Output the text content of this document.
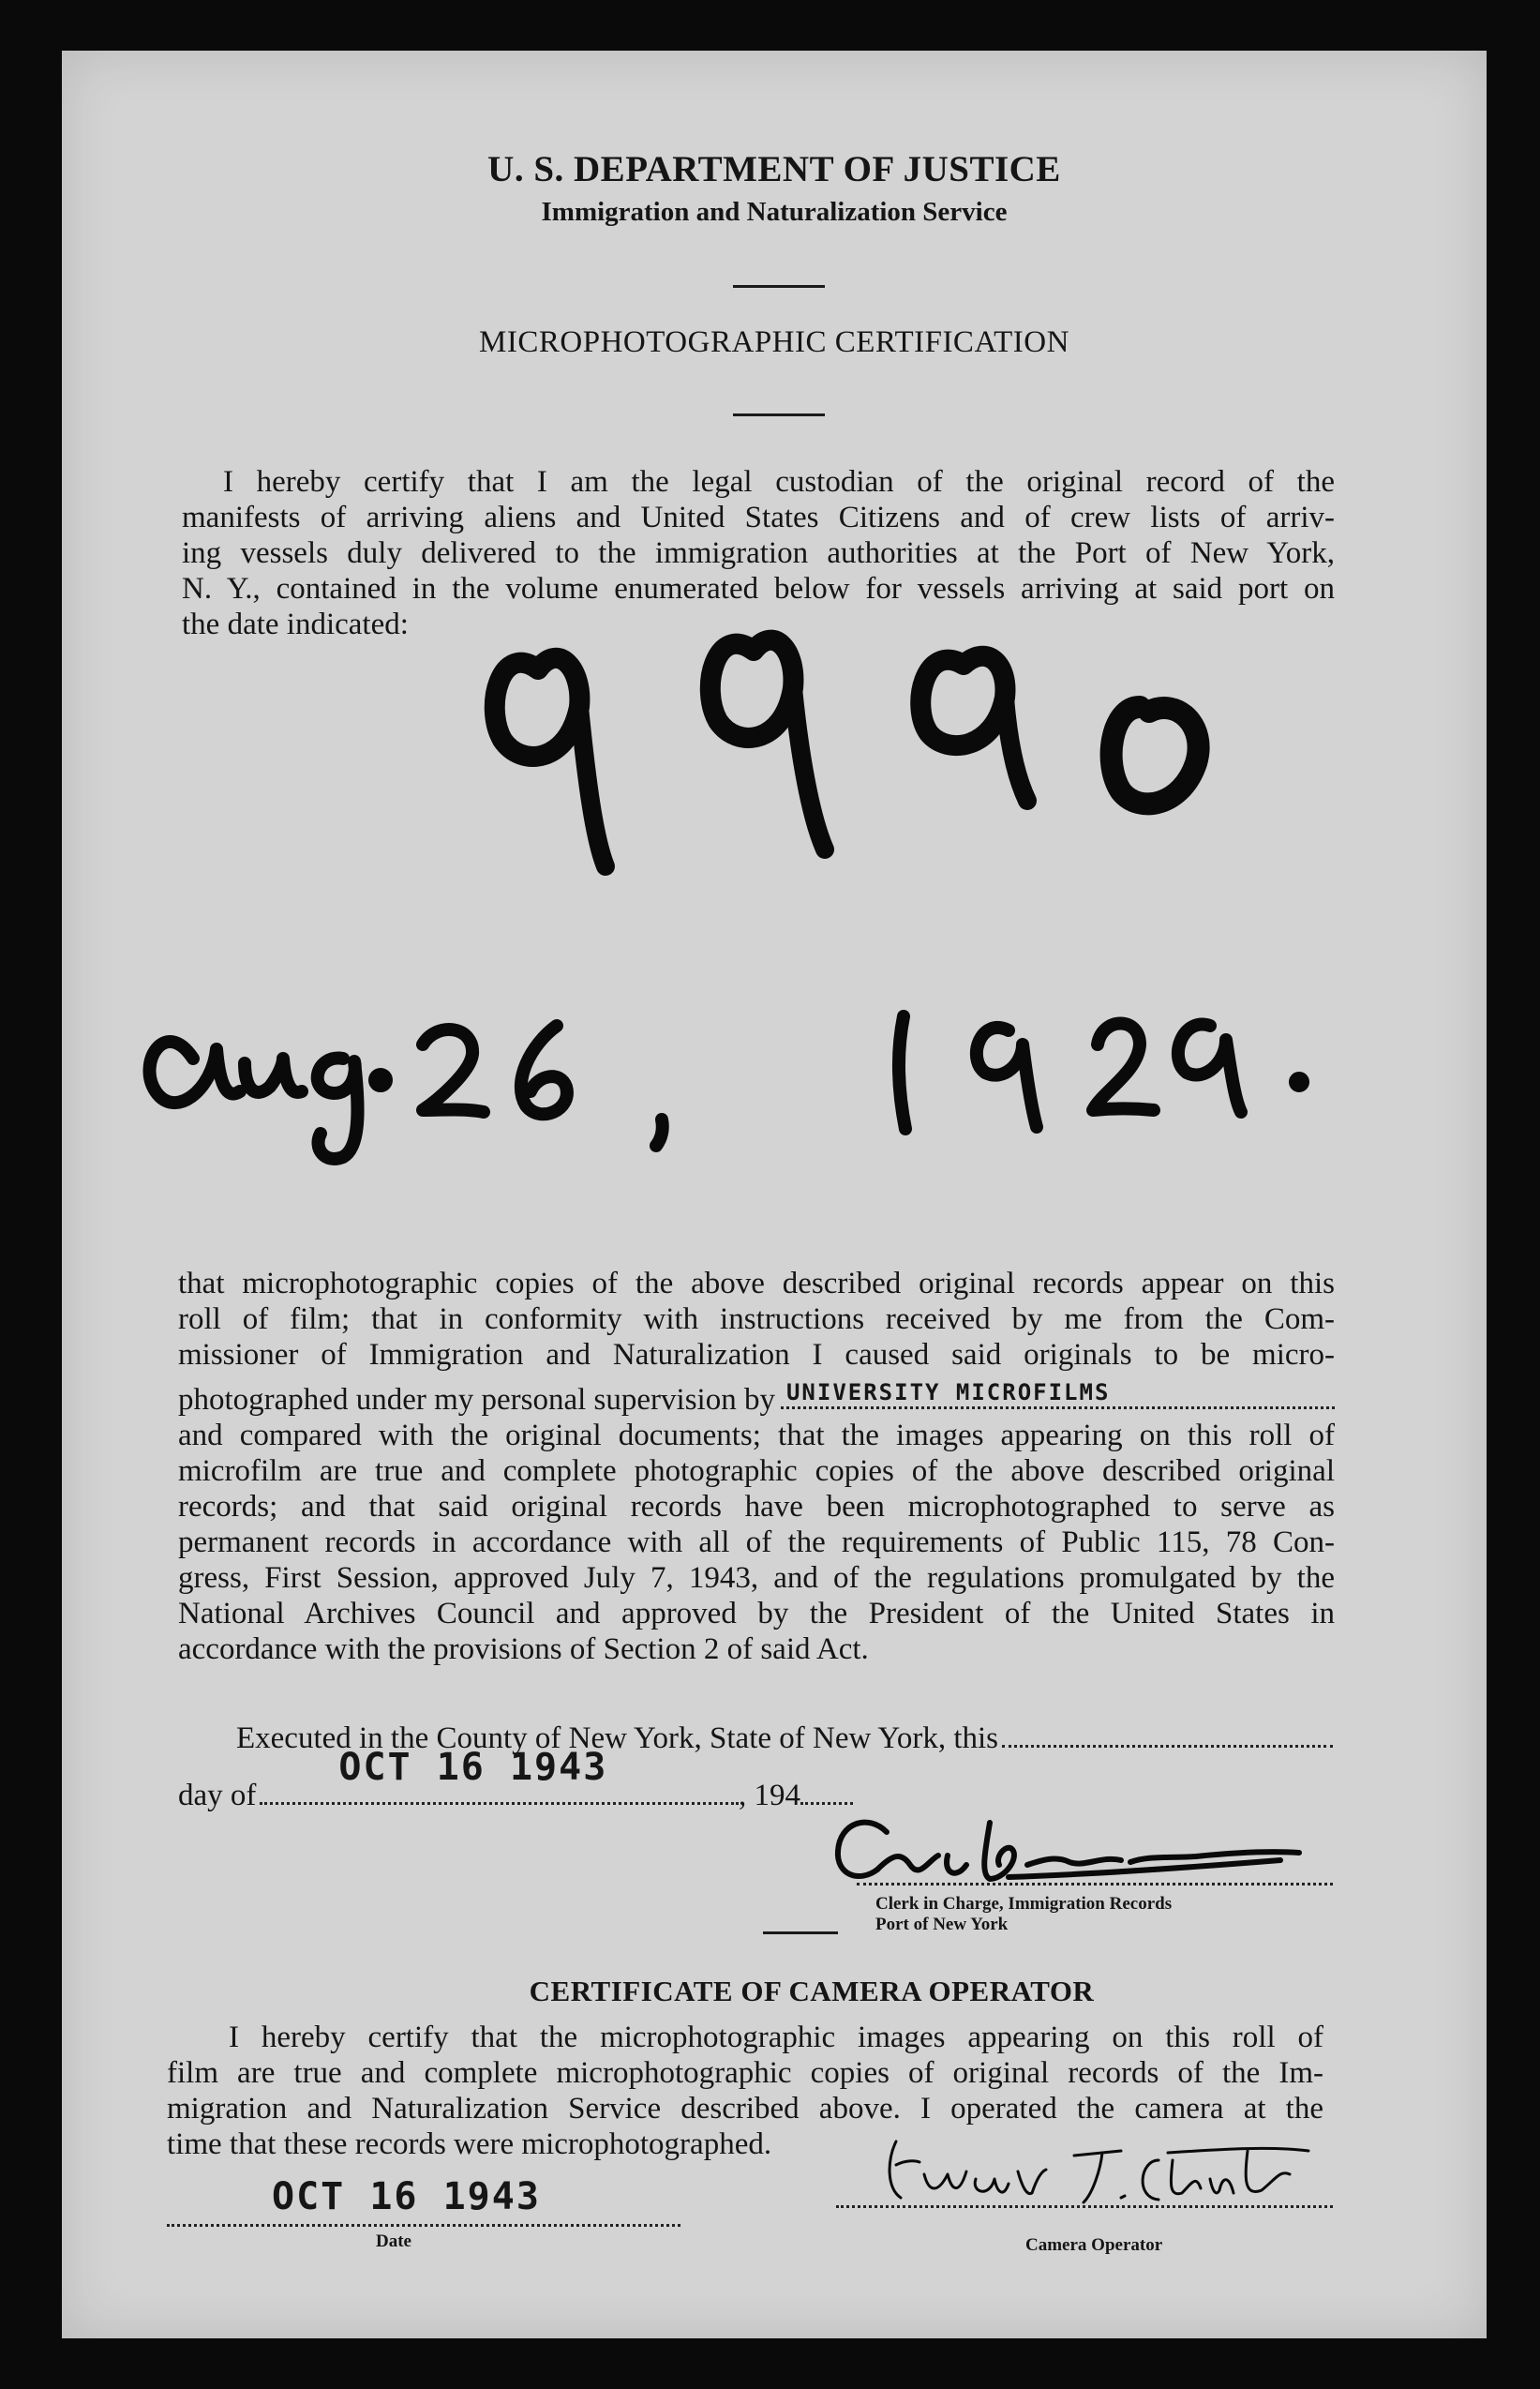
U. S. DEPARTMENT OF JUSTICE
Immigration and Naturalization Service
MICROPHOTOGRAPHIC CERTIFICATION
I hereby certify that I am the legal custodian of the original record of the
manifests of arriving aliens and United States Citizens and of crew lists of arriv-
ing vessels duly delivered to the immigration authorities at the Port of New York,
N. Y., contained in the volume enumerated below for vessels arriving at said port on
the date indicated:
that microphotographic copies of the above described original records appear on this
roll of film; that in conformity with instructions received by me from the Com-
missioner of Immigration and Naturalization I caused said originals to be micro-
photographed under my personal supervision by UNIVERSITY MICROFILMS
and compared with the original documents; that the images appearing on this roll of
microfilm are true and complete photographic copies of the above described original
records; and that said original records have been microphotographed to serve as
permanent records in accordance with all of the requirements of Public 115, 78 Con-
gress, First Session, approved July 7, 1943, and of the regulations promulgated by the
National Archives Council and approved by the President of the United States in
accordance with the provisions of Section 2 of said Act.
Executed in the County of New York, State of New York, this
day of
OCT 16 1943
, 194
Clerk in Charge, Immigration Records
Port of New York
CERTIFICATE OF CAMERA OPERATOR
I hereby certify that the microphotographic images appearing on this roll of
film are true and complete microphotographic copies of original records of the Im-
migration and Naturalization Service described above. I operated the camera at the
time that these records were microphotographed.
OCT 16 1943
Date	Camera Operator
